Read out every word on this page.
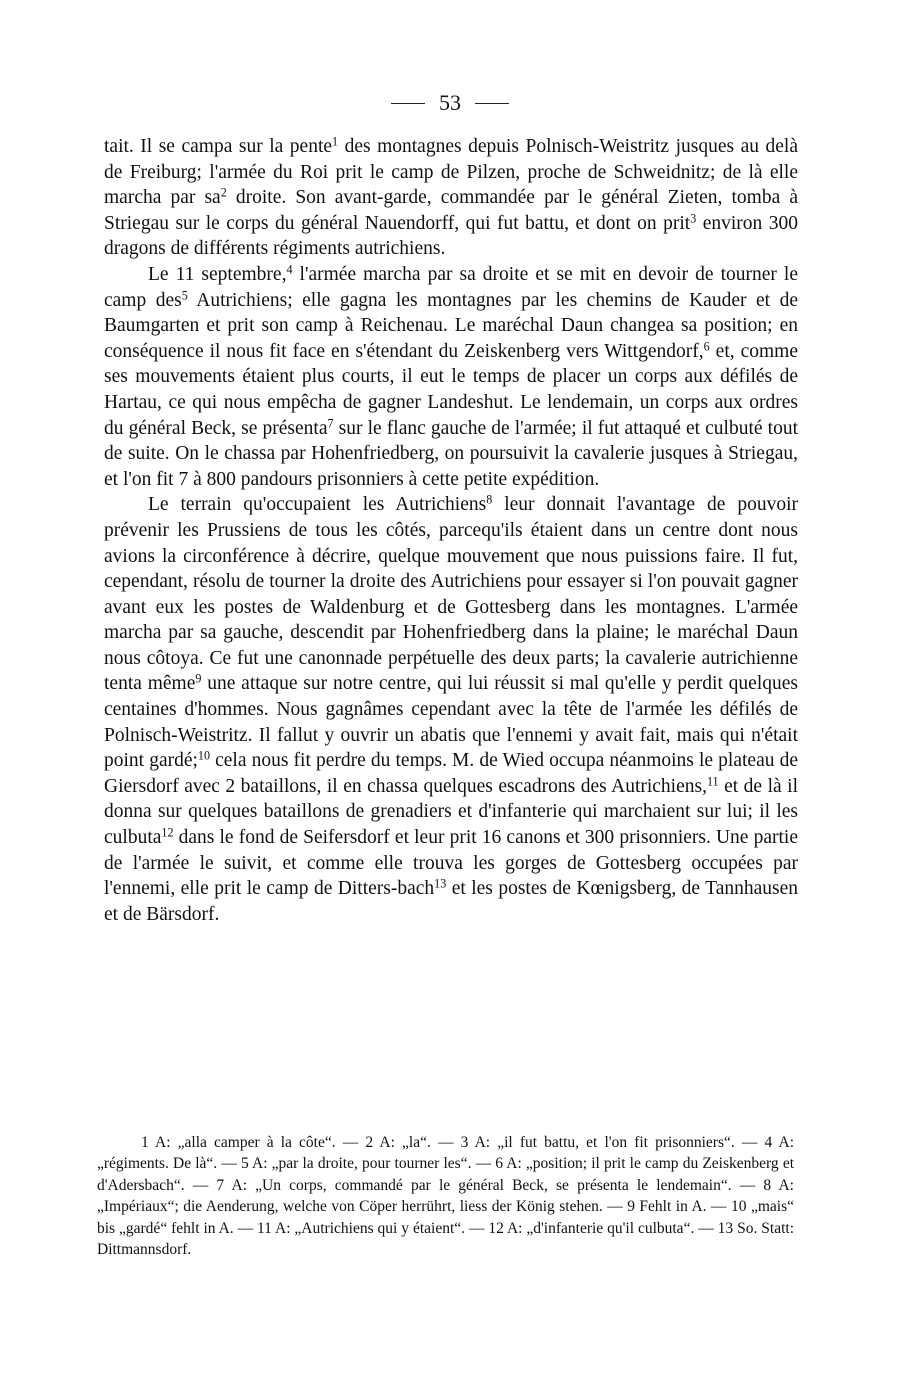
53

tait. Il se campa sur la pente$^1$ des montagnes depuis Polnisch-Weistritz jusques au delà de Freiburg; l'armée du Roi prit le camp de Pilzen, proche de Schweidnitz; de là elle marcha par $sa^2$ droite. Son avant-garde, commandée par le général Zieten, tomba à Striegau sur le corps du général Nauendorff, qui fut battu, et dont on prit$^3$ environ 300 dragons de différents régiments autrichiens.

Le 11 septembre,$^4$ l'armée marcha par sa droite et se mit en devoir de tourner le camp des$^5$ Autrichiens; elle gagna les montagnes par les chemins de Kauder et de Baumgarten et prit son camp à Reichenau. Le maréchal Daun changea sa position; en conséquence il nous fit face en s'étendant du Zeiskenberg vers Wittgendorf,$^6$ et, comme ses mouvements étaient plus courts, il eut le temps de placer un corps aux défilés de Hartau, ce qui nous empêcha de gagner Landeshut. Le lendemain, un corps aux ordres du général Beck, se présenta$^7$ sur le flanc gauche de l'armée; il fut attaqué et culbuté tout de suite. On le chassa par Hohenfriedberg, on poursuivit la cavalerie jusques à Striegau, et l'on fit 7 à 800 pandours prisonniers à cette petite expédition.

Le terrain qu'occupaient les Autrichiens$^8$ leur donnait l'avantage de pouvoir prévenir les Prussiens de tous les côtés, parcequ'ils étaient dans un centre dont nous avions la circonférence à décrire, quelque mouvement que nous puissions faire. Il fut, cependant, résolu de tourner la droite des Autrichiens pour essayer si l'on pouvait gagner avant eux les postes de Waldenburg et de Gottesberg dans les montagnes. L'armée marcha par sa gauche, descendit par Hohenfriedberg dans la plaine; le maréchal Daun nous côtoya. Ce fut une canonnade perpétuelle des deux parts; la cavalerie autrichienne tenta même$^9$ une attaque sur notre centre, qui lui réussit si mal qu'elle y perdit quelques centaines d'hommes. Nous gagnâmes cependant avec la tête de l'armée les défilés de Polnisch-Weistritz. Il fallut y ouvrir un abatis que l'ennemi y avait fait, mais qui n'était point gardé;$^{10}$ cela nous fit perdre du temps. M. de Wied occupa néanmoins le plateau de Giersdorf avec 2 bataillons, il en chassa quelques escadrons des Autrichiens,$^{11}$ et de là il donna sur quelques bataillons de grenadiers et d'infanterie qui marchaient sur lui; il les culbuta$^{12}$ dans le fond de Seifersdorf et leur prit 16 canons et 300 prisonniers. Une partie de l'armée le suivit, et comme elle trouva les gorges de Gottesberg occupées par l'ennemi, elle prit le camp de Ditters-bach$^{13}$ et les postes de Kœnigsberg, de Tannhausen et de Bärsdorf.

1 A: „alla camper à la côte“. — 2 A: „la“. — 3 A: „il fut battu, et l'on fit prisonniers“. — 4 A: „régiments. De là“. — 5 A: „par la droite, pour tourner les“. — 6 A: „position; il prit le camp du Zeiskenberg et d'Adersbach“. — 7 A: „Un corps, commandé par le général Beck, se présenta le lendemain“. — 8 A: „Impériaux“; die Aenderung, welche von Cöper herrührt, liess der König stehen. — 9 Fehlt in A. — 10 „mais“ bis „gardé“ fehlt in A. — 11 A: „Autrichiens qui y étaient“. — 12 A: „d'infanterie qu'il culbuta“. — 13 So. Statt: Dittmannsdorf.
